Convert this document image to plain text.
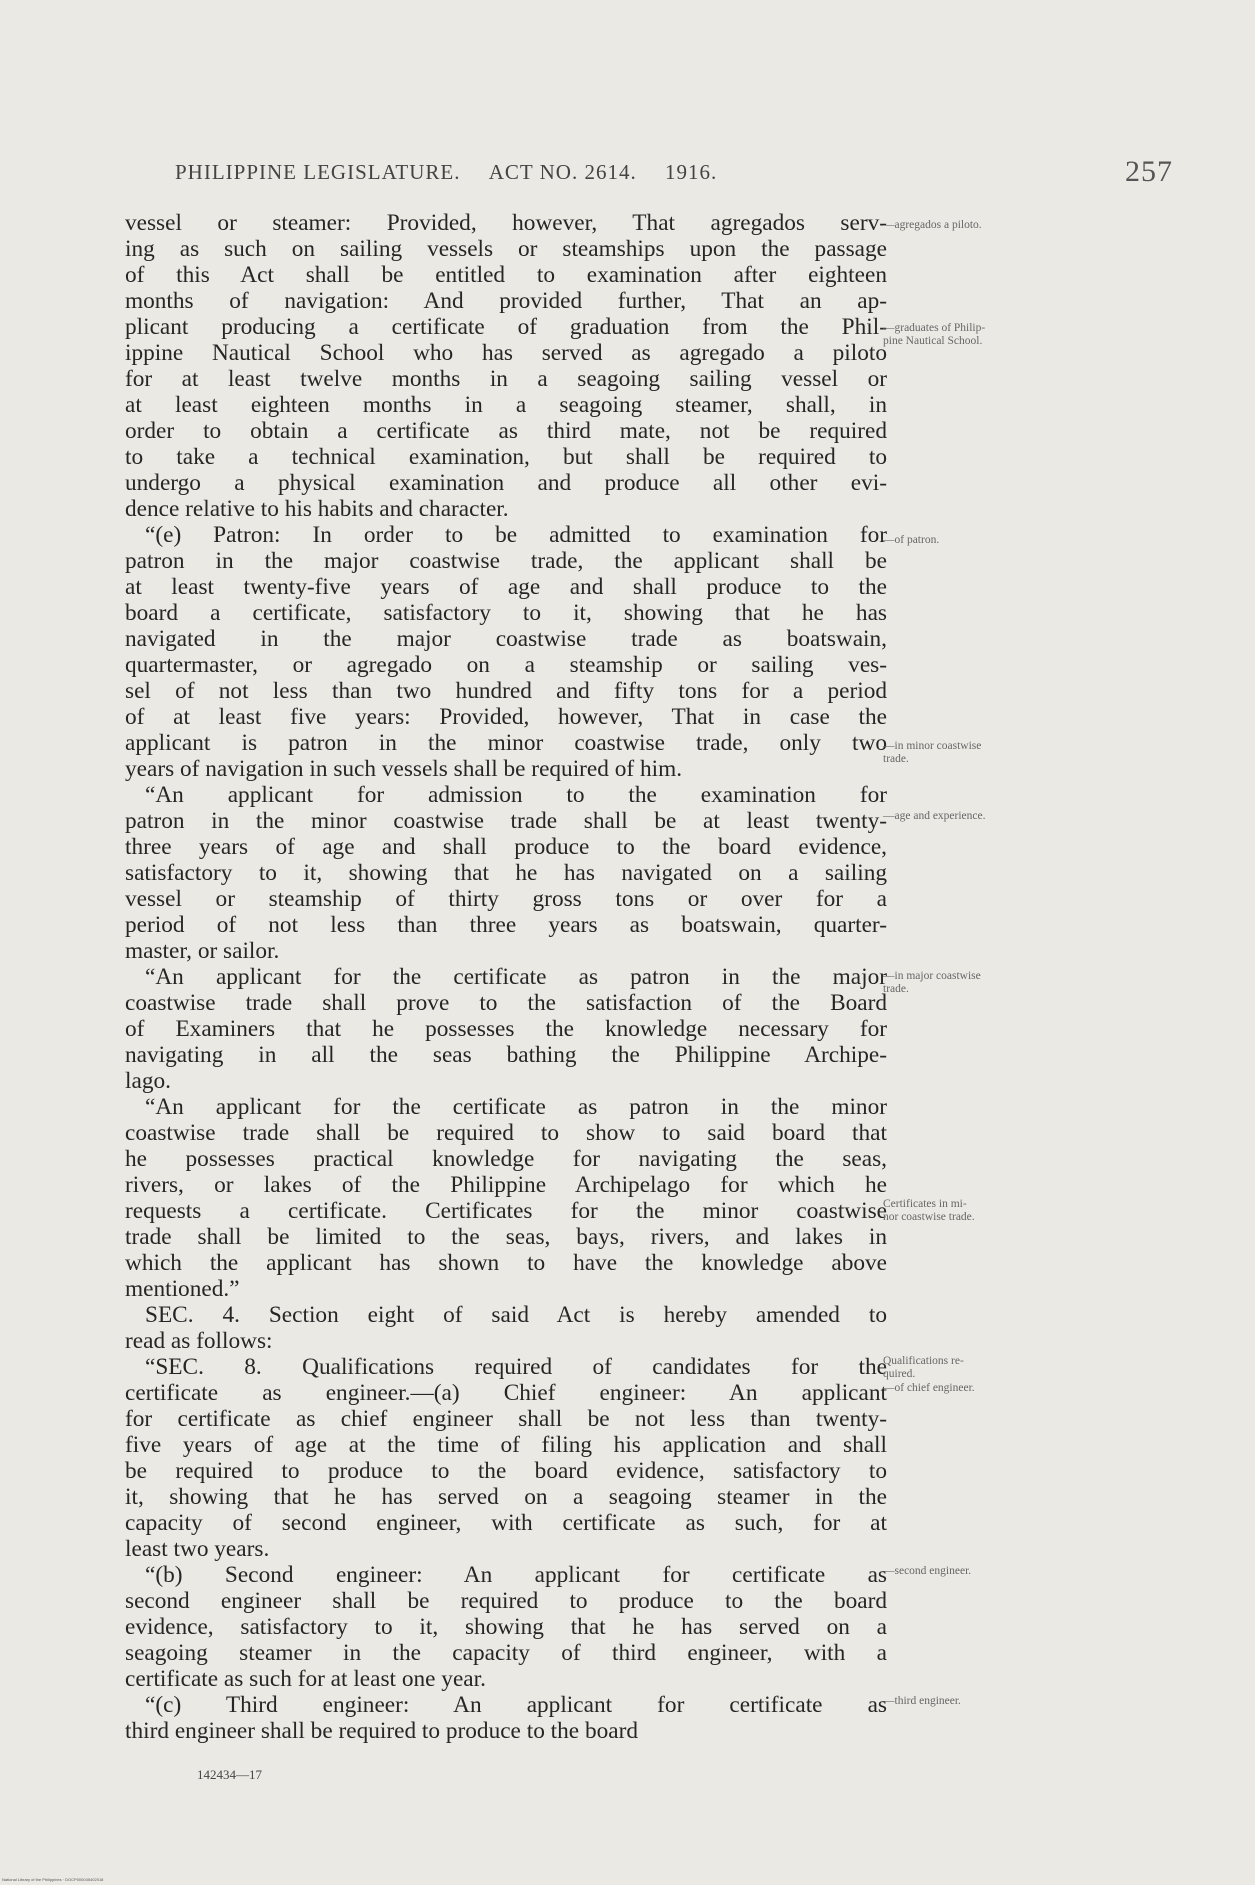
PHILIPPINE LEGISLATURE. ACT NO. 2614. 1916.	257
vessel or steamer: Provided, however, That agregados serv-
ing as such on sailing vessels or steamships upon the passage
of this Act shall be entitled to examination after eighteen
months of navigation: And provided further, That an ap-
plicant producing a certificate of graduation from the Phil-
ippine Nautical School who has served as agregado a piloto
for at least twelve months in a seagoing sailing vessel or
at least eighteen months in a seagoing steamer, shall, in
order to obtain a certificate as third mate, not be required
to take a technical examination, but shall be required to
undergo a physical examination and produce all other evi-
dence relative to his habits and character.
“(e) Patron: In order to be admitted to examination for
patron in the major coastwise trade, the applicant shall be
at least twenty-five years of age and shall produce to the
board a certificate, satisfactory to it, showing that he has
navigated in the major coastwise trade as boatswain,
quartermaster, or agregado on a steamship or sailing ves-
sel of not less than two hundred and fifty tons for a period
of at least five years: Provided, however, That in case the
applicant is patron in the minor coastwise trade, only two
years of navigation in such vessels shall be required of him.
“An applicant for admission to the examination for
patron in the minor coastwise trade shall be at least twenty-
three years of age and shall produce to the board evidence,
satisfactory to it, showing that he has navigated on a sailing
vessel or steamship of thirty gross tons or over for a
period of not less than three years as boatswain, quarter-
master, or sailor.
“An applicant for the certificate as patron in the major
coastwise trade shall prove to the satisfaction of the Board
of Examiners that he possesses the knowledge necessary for
navigating in all the seas bathing the Philippine Archipe-
lago.
“An applicant for the certificate as patron in the minor
coastwise trade shall be required to show to said board that
he possesses practical knowledge for navigating the seas,
rivers, or lakes of the Philippine Archipelago for which he
requests a certificate. Certificates for the minor coastwise
trade shall be limited to the seas, bays, rivers, and lakes in
which the applicant has shown to have the knowledge above
mentioned.”
SEC. 4. Section eight of said Act is hereby amended to
read as follows:
“SEC. 8. Qualifications required of candidates for the
certificate as engineer.—(a) Chief engineer: An applicant
for certificate as chief engineer shall be not less than twenty-
five years of age at the time of filing his application and shall
be required to produce to the board evidence, satisfactory to
it, showing that he has served on a seagoing steamer in the
capacity of second engineer, with certificate as such, for at
least two years.
“(b) Second engineer: An applicant for certificate as
second engineer shall be required to produce to the board
evidence, satisfactory to it, showing that he has served on a
seagoing steamer in the capacity of third engineer, with a
certificate as such for at least one year.
“(c) Third engineer: An applicant for certificate as
third engineer shall be required to produce to the board
—agregados a piloto.
—graduates of Philip-
pine Nautical School.
—of patron.
—in minor coastwise
trade.
—age and experience.
—in major coastwise
trade.
Certificates in mi-
nor coastwise trade.
Qualifications re-
quired.
—of chief engineer.
—second engineer.
—third engineer.
142434—17
National Library of the Philippines · DOCP000045402018
